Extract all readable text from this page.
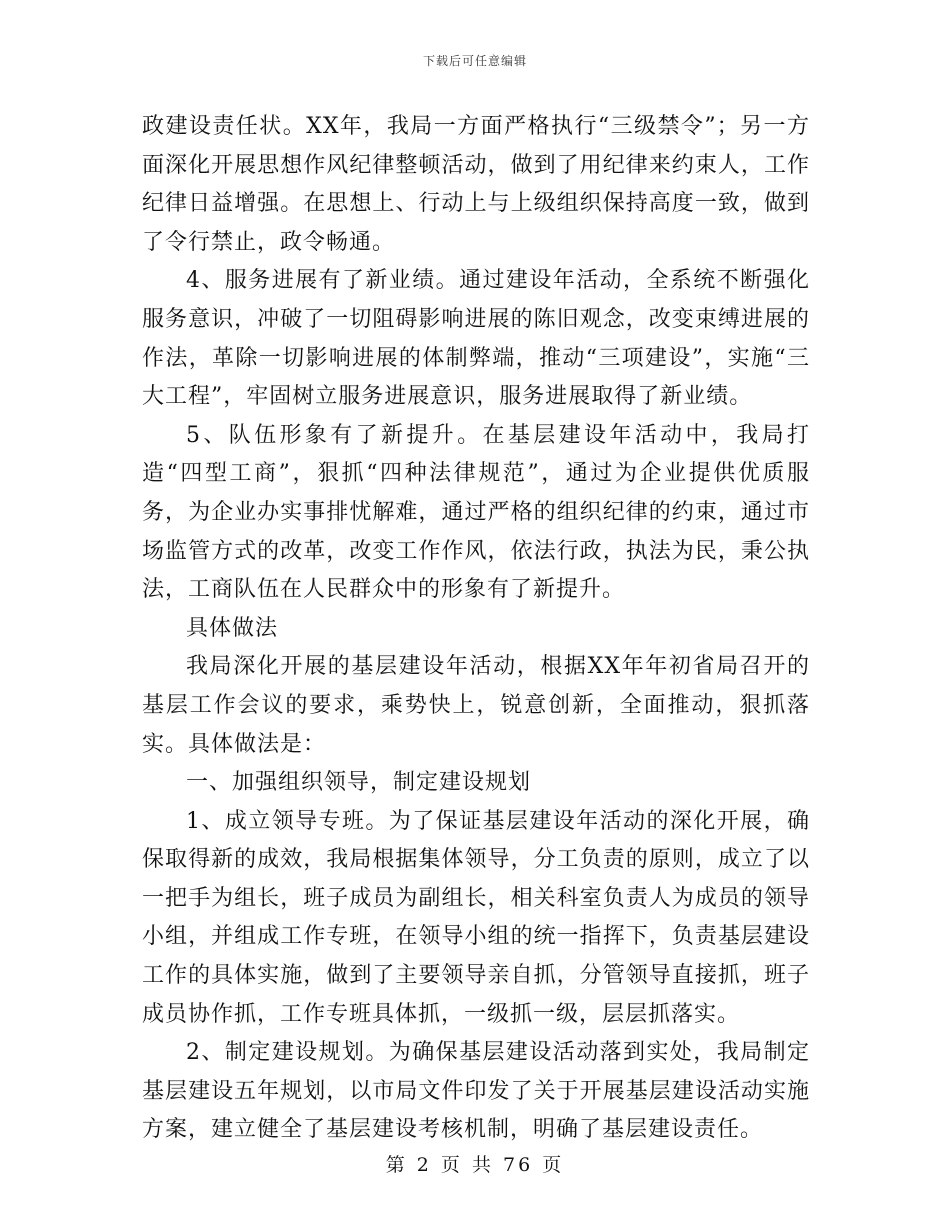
下载后可任意编辑

政建设责任状。XX年，我局一方面严格执行“三级禁令”；另一方面深化开展思想作风纪律整顿活动，做到了用纪律来约束人，工作纪律日益增强。在思想上、行动上与上级组织保持高度一致，做到了令行禁止，政令畅通。

4、服务进展有了新业绩。通过建设年活动，全系统不断强化服务意识，冲破了一切阻碍影响进展的陈旧观念，改变束缚进展的作法，革除一切影响进展的体制弊端，推动“三项建设”，实施“三大工程”，牢固树立服务进展意识，服务进展取得了新业绩。

5、队伍形象有了新提升。在基层建设年活动中，我局打造“四型工商”，狠抓“四种法律规范”，通过为企业提供优质服务，为企业办实事排忧解难，通过严格的组织纪律的约束，通过市场监管方式的改革，改变工作作风，依法行政，执法为民，秉公执法，工商队伍在人民群众中的形象有了新提升。

具体做法

我局深化开展的基层建设年活动，根据XX年年初省局召开的基层工作会议的要求，乘势快上，锐意创新，全面推动，狠抓落实。具体做法是：

一、加强组织领导，制定建设规划

1、成立领导专班。为了保证基层建设年活动的深化开展，确保取得新的成效，我局根据集体领导，分工负责的原则，成立了以一把手为组长，班子成员为副组长，相关科室负责人为成员的领导小组，并组成工作专班，在领导小组的统一指挥下，负责基层建设工作的具体实施，做到了主要领导亲自抓，分管领导直接抓，班子成员协作抓，工作专班具体抓，一级抓一级，层层抓落实。

2、制定建设规划。为确保基层建设活动落到实处，我局制定基层建设五年规划，以市局文件印发了关于开展基层建设活动实施方案，建立健全了基层建设考核机制，明确了基层建设责任。

第 2 页 共 76 页
